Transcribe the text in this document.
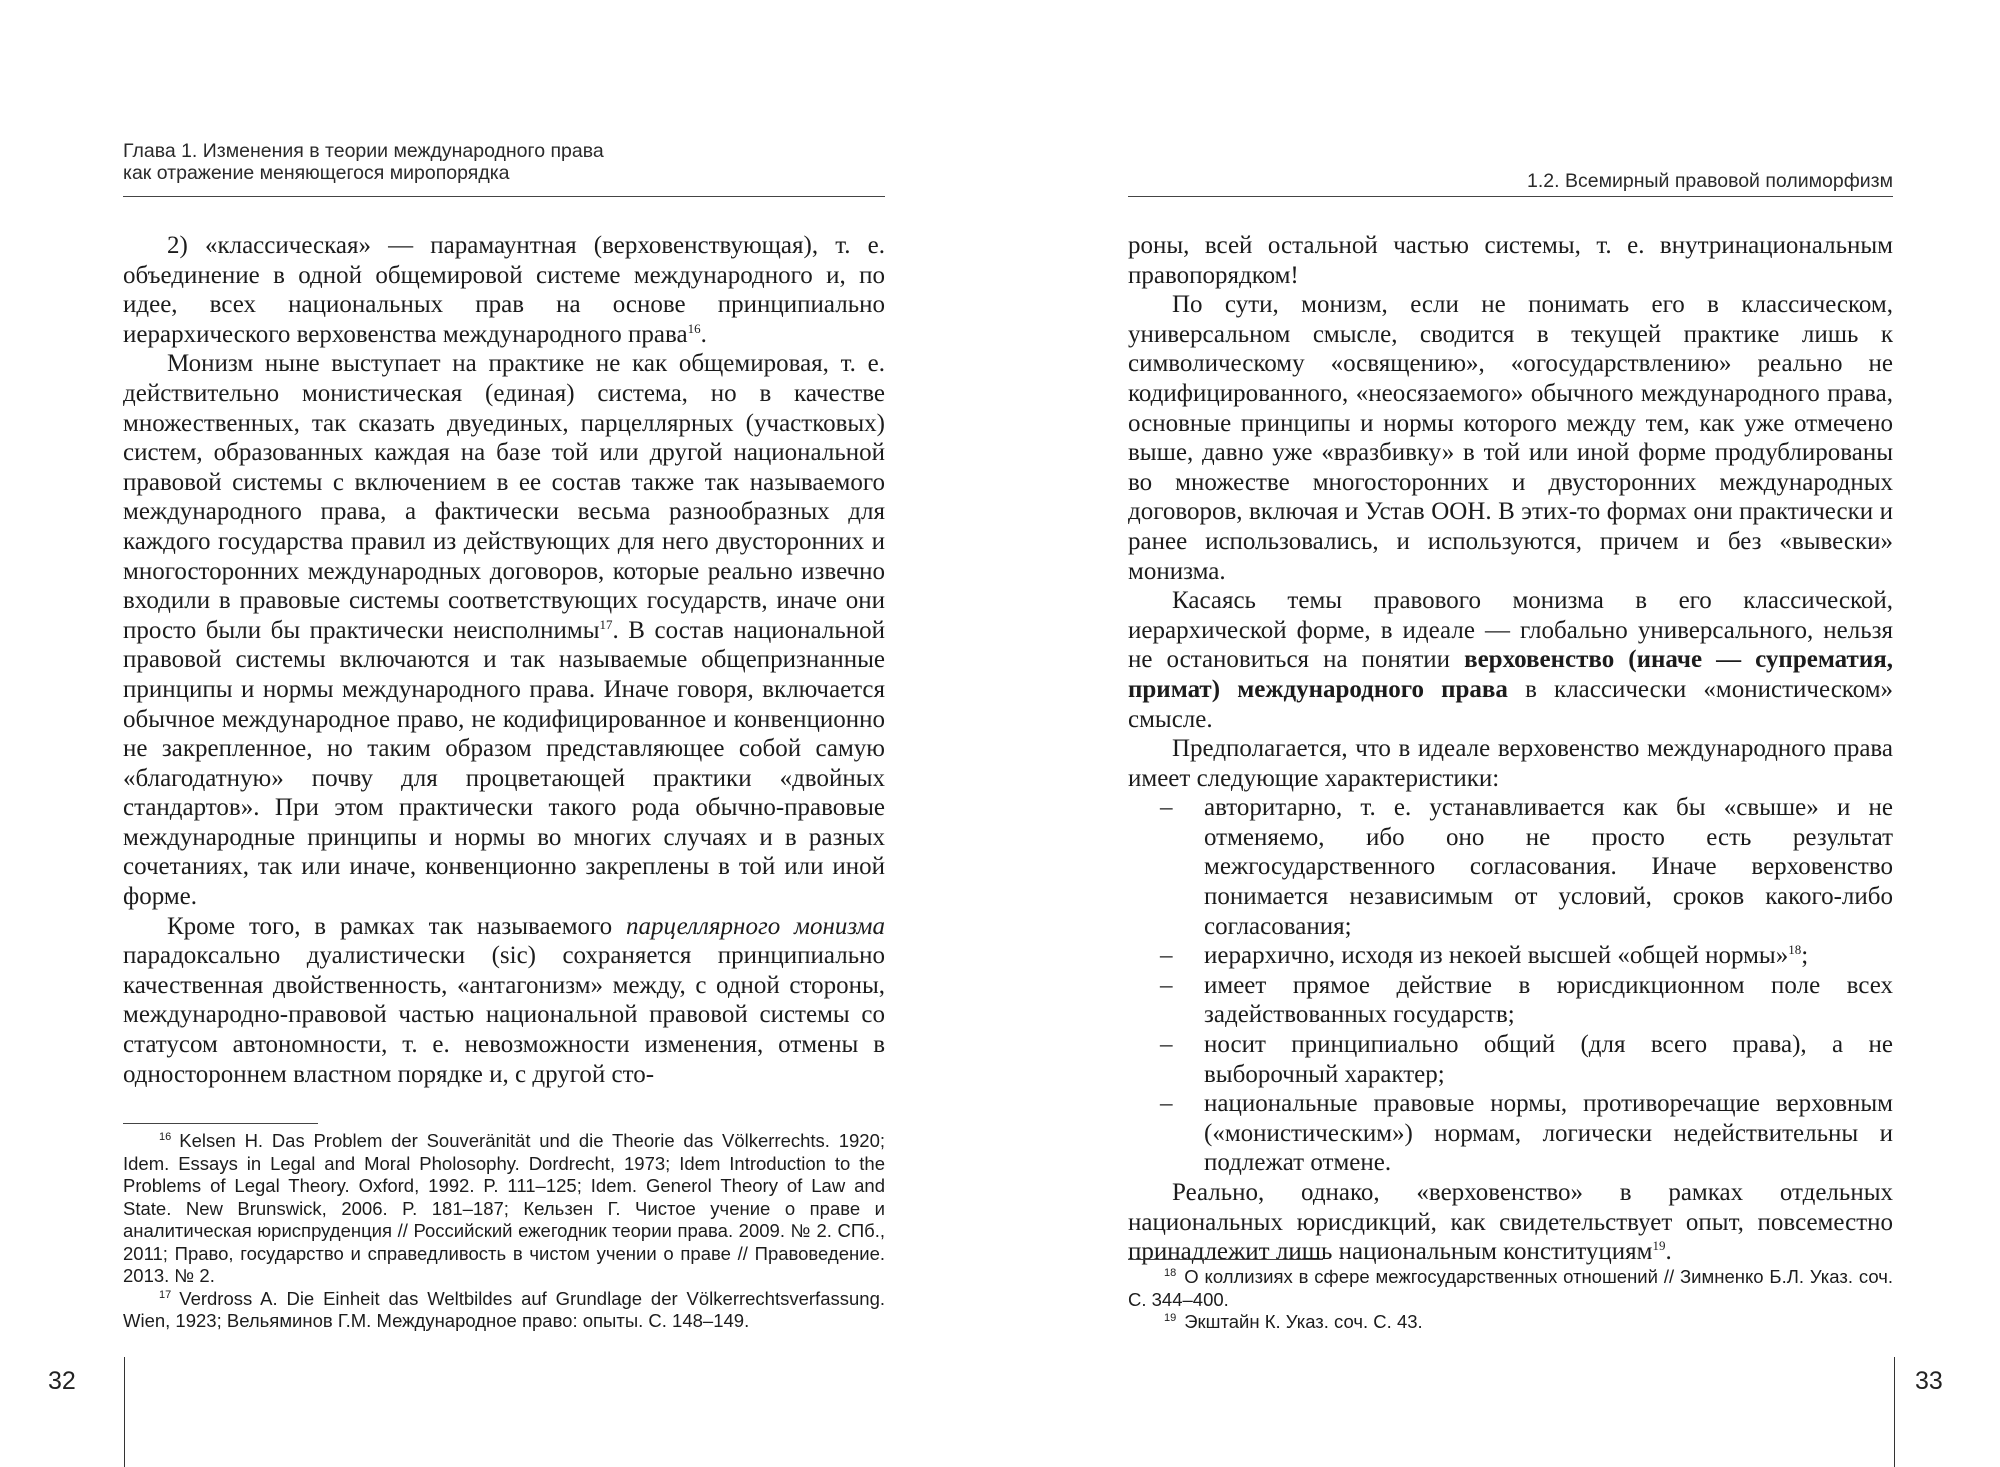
Глава 1. Изменения в теории международного права
как отражение меняющегося миропорядка

2) «классическая» — парамаунтная (верховенствующая), т. е. объединение в одной общемировой системе международного и, по идее, всех национальных прав на основе принципиально иерархического верховенства международного права$^{16}$.

Монизм ныне выступает на практике не как общемировая, т. е. действительно монистическая (единая) система, но в качестве множественных, так сказать двуединых, парцеллярных (участковых) систем, образованных каждая на базе той или другой национальной правовой системы с включением в ее состав также так называемого международного права, а фактически весьма разнообразных для каждого государства правил из действующих для него двусторонних и многосторонних международных договоров, которые реально извечно входили в правовые системы соответствующих государств, иначе они просто были бы практически неисполнимы$^{17}$. В состав национальной правовой системы включаются и так называемые общепризнанные принципы и нормы международного права. Иначе говоря, включается обычное международное право, не кодифицированное и конвенционно не закрепленное, но таким образом представляющее собой самую «благодатную» почву для процветающей практики «двойных стандартов». При этом практически такого рода обычно-правовые международные принципы и нормы во многих случаях и в разных сочетаниях, так или иначе, конвенционно закреплены в той или иной форме.

Кроме того, в рамках так называемого парцеллярного монизма парадоксально дуалистически (sic) сохраняется принципиально качественная двойственность, «антагонизм» между, с одной стороны, международно-правовой частью национальной правовой системы со статусом автономности, т. е. невозможности изменения, отмены в одностороннем властном порядке и, с другой сто-

$^{16}$ Kelsen H. Das Problem der Souveränität und die Theorie das Völkerrechts. 1920; Idem. Essays in Legal and Moral Pholosophy. Dordrecht, 1973; Idem Introduction to the Problems of Legal Theory. Oxford, 1992. P. 111–125; Idem. Generol Theory of Law and State. New Brunswick, 2006. P. 181–187; Кельзен Г. Чистое учение о праве и аналитическая юриспруденция // Российский ежегодник теории права. 2009. № 2. СПб., 2011; Право, государство и справедливость в чистом учении о праве // Правоведение. 2013. № 2.

$^{17}$ Verdross A. Die Einheit das Weltbildes auf Grundlage der Völkerrechtsverfassung. Wien, 1923; Вельяминов Г.М. Международное право: опыты. С. 148–149.

32
1.2. Всемирный правовой полиморфизм

роны, всей остальной частью системы, т. е. внутринациональным правопорядком!

По сути, монизм, если не понимать его в классическом, универсальном смысле, сводится в текущей практике лишь к символическому «освящению», «огосударствлению» реально не кодифицированного, «неосязаемого» обычного международного права, основные принципы и нормы которого между тем, как уже отмечено выше, давно уже «вразбивку» в той или иной форме продублированы во множестве многосторонних и двусторонних международных договоров, включая и Устав ООН. В этих-то формах они практически и ранее использовались, и используются, причем и без «вывески» монизма.

Касаясь темы правового монизма в его классической, иерархической форме, в идеале — глобально универсального, нельзя не остановиться на понятии верховенство (иначе — супрематия, примат) международного права в классически «монистическом» смысле.

Предполагается, что в идеале верховенство международного права имеет следующие характеристики:

– авторитарно, т. е. устанавливается как бы «свыше» и не отменяемо, ибо оно не просто есть результат межгосударственного согласования. Иначе верховенство понимается независимым от условий, сроков какого-либо согласования;
– иерархично, исходя из некоей высшей «общей нормы»$^{18}$;
– имеет прямое действие в юрисдикционном поле всех задействованных государств;
– носит принципиально общий (для всего права), а не выборочный характер;
– национальные правовые нормы, противоречащие верховным («монистическим») нормам, логически недействительны и подлежат отмене.

Реально, однако, «верховенство» в рамках отдельных национальных юрисдикций, как свидетельствует опыт, повсеместно принадлежит лишь национальным конституциям$^{19}$.

$^{18}$ О коллизиях в сфере межгосударственных отношений // Зимненко Б.Л. Указ. соч. С. 344–400.

$^{19}$ Экштайн К. Указ. соч. С. 43.

33
